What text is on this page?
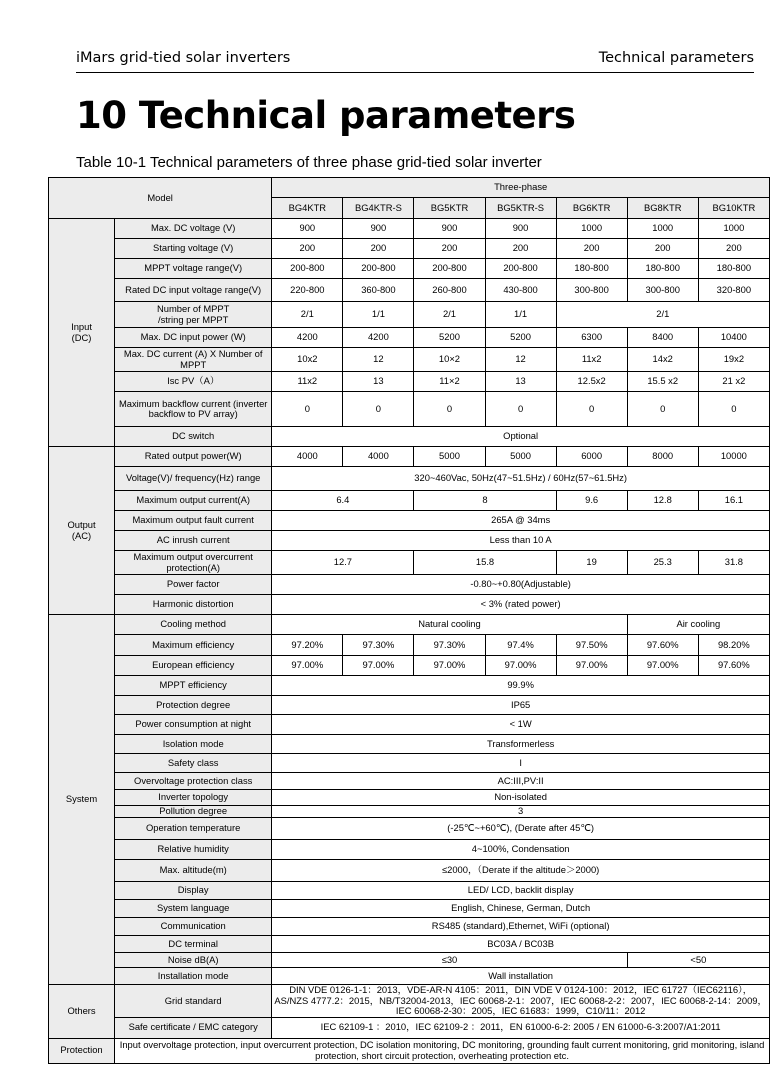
iMars grid-tied solar inverters	Technical parameters
10 Technical parameters
Table 10-1 Technical parameters of three phase grid-tied solar inverter
Model		Three-phase						
		BG4KTR	BG4KTR-S	BG5KTR	BG5KTR-S	BG6KTR	BG8KTR	BG10KTR
Input
(DC)	Max. DC voltage (V)	900	900	900	900	1000	1000	1000
	Starting voltage (V)	200	200	200	200	200	200	200
	MPPT voltage range(V)	200-800	200-800	200-800	200-800	180-800	180-800	180-800
	Rated DC input voltage range(V)	220-800	360-800	260-800	430-800	300-800	300-800	320-800
	Number of MPPT
/string per MPPT	2/1	1/1	2/1	1/1	2/1		
	Max. DC input power (W)	4200	4200	5200	5200	6300	8400	10400
	Max. DC current (A) X Number of MPPT	10x2	12	10×2	12	11x2	14x2	19x2
	Isc PV（A）	11x2	13	11×2	13	12.5x2	15.5 x2	21 x2
	Maximum backflow current (inverter backflow to PV array)	0	0	0	0	0	0	0
	DC switch	Optional						
Output
(AC)	Rated output power(W)	4000	4000	5000	5000	6000	8000	10000
	Voltage(V)/ frequency(Hz) range	320~460Vac, 50Hz(47~51.5Hz) / 60Hz(57~61.5Hz)						
	Maximum output current(A)	6.4		8		9.6	12.8	16.1
	Maximum output fault current	265A @ 34ms						
	AC inrush current	Less than 10 A						
	Maximum output overcurrent protection(A)	12.7		15.8		19	25.3	31.8
	Power factor	-0.80~+0.80(Adjustable)						
	Harmonic distortion	< 3% (rated power)						
System	Cooling method	Natural cooling					Air cooling	
	Maximum efficiency	97.20%	97.30%	97.30%	97.4%	97.50%	97.60%	98.20%
	European efficiency	97.00%	97.00%	97.00%	97.00%	97.00%	97.00%	97.60%
	MPPT efficiency	99.9%						
	Protection degree	IP65						
	Power consumption at night	< 1W						
	Isolation mode	Transformerless						
	Safety class	I						
	Overvoltage protection class	AC:III,PV:II						
	Inverter topology	Non-isolated						
	Pollution degree	3						
	Operation temperature	(-25℃~+60℃), (Derate after 45℃)						
	Relative humidity	4~100%, Condensation						
	Max. altitude(m)	≤2000，（Derate if the altitude＞2000)						
	Display	LED/ LCD, backlit display						
	System language	English, Chinese, German, Dutch						
	Communication	RS485 (standard),Ethernet, WiFi (optional)						
	DC terminal	BC03A / BC03B						
	Noise dB(A)	≤30					<50	
	Installation mode	Wall installation						
Others	Grid standard	DIN VDE 0126-1-1：2013，VDE-AR-N 4105：2011，DIN VDE V 0124-100：2012，IEC 61727（IEC62116），AS/NZS 4777.2：2015，NB/T32004-2013，IEC 60068-2-1：2007，IEC 60068-2-2：2007，IEC 60068-2-14：2009，IEC 60068-2-30：2005，IEC 61683：1999，C10/11：2012						
	Safe certificate / EMC category	IEC 62109-1 ：2010，IEC 62109-2 ：2011，EN 61000-6-2: 2005 / EN 61000-6-3:2007/A1:2011						
Protection	Input overvoltage protection, input overcurrent protection, DC isolation monitoring, DC monitoring, grounding fault current monitoring, grid monitoring, island protection, short circuit protection, overheating protection etc.							
